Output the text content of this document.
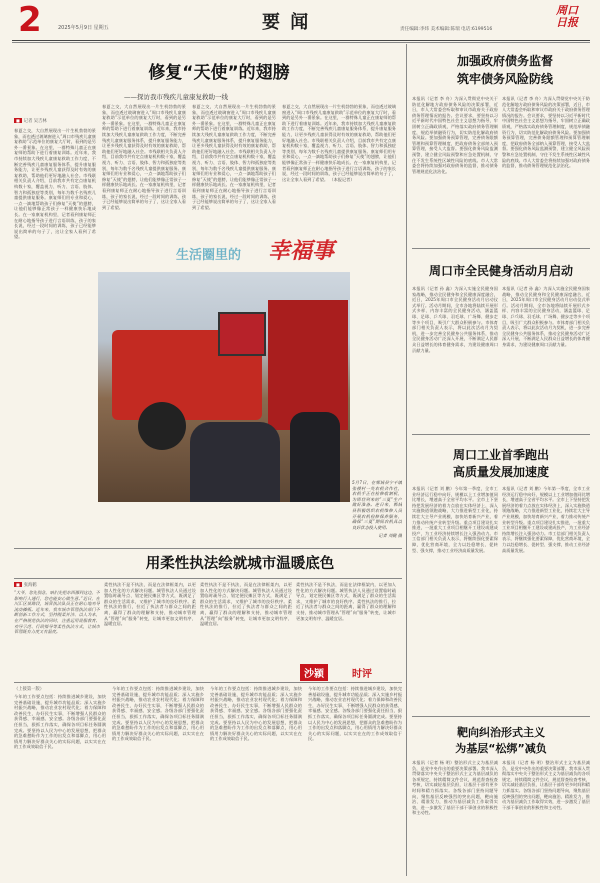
2	2025年5月9日 星期五	要 闻	责任编辑:李炜 美术编辑:陈瑞 电话:6199516
周口日报
修复“天使”的翅膀
——探访我市残疾儿童康复救助一线
■ 记者 吴吉林
春夏之交，大自然展现出一片生机勃勃的景象，而也透过玻璃窗进入“周口市残疾儿童康复救助”示范单位的康复大厅时，看到的是另外一番景象。在这里，一群特殊儿童正在康复师的帮助下进行着康复训练。近年来，我市持续加大残疾儿童康复救助工作力度，不断完善残疾儿童康复服务体系，提升康复服务能力，让更多残疾儿童获得及时有效的康复救助，帮助他们更好地融入社会。市残联相关负责人介绍，目前我市共有定点康复机构数十家，覆盖视力、听力、言语、肢体、智力和孤独症等类别，每年为数千名残疾儿童提供康复服务。康复师们用专业和爱心，一点一滴地帮助孩子们修复“天使”的翅膀，让他们能够像正常孩子一样健康快乐地成长。在一家康复机构里，记者看到康复师正在耐心地指导孩子进行言语训练，孩子的家长说，经过一段时间的训练，孩子已经能够说出简单的句子了，这让全家人看到了希望。
春夏之交，大自然展现出一片生机勃勃的景象，而也透过玻璃窗进入“周口市残疾儿童康复救助”示范单位的康复大厅时，看到的是另外一番景象。在这里，一群特殊儿童正在康复师的帮助下进行着康复训练。近年来，我市持续加大残疾儿童康复救助工作力度，不断完善残疾儿童康复服务体系，提升康复服务能力，让更多残疾儿童获得及时有效的康复救助，帮助他们更好地融入社会。市残联相关负责人介绍，目前我市共有定点康复机构数十家，覆盖视力、听力、言语、肢体、智力和孤独症等类别，每年为数千名残疾儿童提供康复服务。康复师们用专业和爱心，一点一滴地帮助孩子们修复“天使”的翅膀，让他们能够像正常孩子一样健康快乐地成长。在一家康复机构里，记者看到康复师正在耐心地指导孩子进行言语训练，孩子的家长说，经过一段时间的训练，孩子已经能够说出简单的句子了，这让全家人看到了希望。
春夏之交，大自然展现出一片生机勃勃的景象，而也透过玻璃窗进入“周口市残疾儿童康复救助”示范单位的康复大厅时，看到的是另外一番景象。在这里，一群特殊儿童正在康复师的帮助下进行着康复训练。近年来，我市持续加大残疾儿童康复救助工作力度，不断完善残疾儿童康复服务体系，提升康复服务能力，让更多残疾儿童获得及时有效的康复救助，帮助他们更好地融入社会。市残联相关负责人介绍，目前我市共有定点康复机构数十家，覆盖视力、听力、言语、肢体、智力和孤独症等类别，每年为数千名残疾儿童提供康复服务。康复师们用专业和爱心，一点一滴地帮助孩子们修复“天使”的翅膀，让他们能够像正常孩子一样健康快乐地成长。在一家康复机构里，记者看到康复师正在耐心地指导孩子进行言语训练，孩子的家长说，经过一段时间的训练，孩子已经能够说出简单的句子了，这让全家人看到了希望。
春夏之交，大自然展现出一片生机勃勃的景象，而也透过玻璃窗进入“周口市残疾儿童康复救助”示范单位的康复大厅时，看到的是另外一番景象。在这里，一群特殊儿童正在康复师的帮助下进行着康复训练。近年来，我市持续加大残疾儿童康复救助工作力度，不断完善残疾儿童康复服务体系，提升康复服务能力，让更多残疾儿童获得及时有效的康复救助，帮助他们更好地融入社会。市残联相关负责人介绍，目前我市共有定点康复机构数十家，覆盖视力、听力、言语、肢体、智力和孤独症等类别，每年为数千名残疾儿童提供康复服务。康复师们用专业和爱心，一点一滴地帮助孩子们修复“天使”的翅膀，让他们能够像正常孩子一样健康快乐地成长。在一家康复机构里，记者看到康复师正在耐心地指导孩子进行言语训练，孩子的家长说，经过一段时间的训练，孩子已经能够说出简单的句子了，这让全家人看到了希望。 （本报记者）
生活圈里的 幸福事
5月7日，在郸城县宁平镇张楼村一处农机合作社，农机手正在检修收割机，为即将到来的“三夏”生产做好准备。连日来，郸城县积极组织农机维修人员开展农机检修保养服务，确保“三夏”期间农机具以良好状态投入使用。
记者 刘健 摄
用柔性执法绘就城市温暖底色
■ 张海鹤
“大爷，您先别急，咱们先把东西挪到这边，不影响行人通行，您也能安心做生意。”近日，在川汇区某路段，城管执法队员正在耐心地劝导流动摊贩。近年来，我市城市管理执法部门不断创新工作方式，坚持刚柔并济、以人为本，在严格规范执法的同时，注重运用说服教育、劝导示范、行政指导等柔性执法方式，让城市管理既有力度又有温度。
柔性执法不是不执法，而是在法律框架内，以更加人性化的方式解决问题。城管执法人员通过设置临时疏导点、划定便民摊区等方式，既满足了群众的生活需求，又维护了城市的良好秩序。柔性执法的推行，拉近了执法者与群众之间的距离，赢得了群众的理解和支持，推动城市管理从“管理”向“服务”转变，让城市更加文明有序、温暖宜居。
柔性执法不是不执法，而是在法律框架内，以更加人性化的方式解决问题。城管执法人员通过设置临时疏导点、划定便民摊区等方式，既满足了群众的生活需求，又维护了城市的良好秩序。柔性执法的推行，拉近了执法者与群众之间的距离，赢得了群众的理解和支持，推动城市管理从“管理”向“服务”转变，让城市更加文明有序、温暖宜居。
柔性执法不是不执法，而是在法律框架内，以更加人性化的方式解决问题。城管执法人员通过设置临时疏导点、划定便民摊区等方式，既满足了群众的生活需求，又维护了城市的良好秩序。柔性执法的推行，拉近了执法者与群众之间的距离，赢得了群众的理解和支持，推动城市管理从“管理”向“服务”转变，让城市更加文明有序、温暖宜居。
沙颍	时评
（上接第一版）
今年的工作要点包括：持续推进城乡建设，加快完善基础设施，提升城市功能品质；深入实施乡村振兴战略，推动农业农村现代化；着力保障和改善民生，办好民生实事，不断增强人民群众的获得感、幸福感、安全感。各级各部门要强化责任担当，狠抓工作落实，确保各项目标任务圆满完成。要坚持以人民为中心的发展思想，把群众的急难愁盼作为工作的出发点和落脚点，用心用情用力解决好群众关心的实际问题，以实实在在的工作成效取信于民。
今年的工作要点包括：持续推进城乡建设，加快完善基础设施，提升城市功能品质；深入实施乡村振兴战略，推动农业农村现代化；着力保障和改善民生，办好民生实事，不断增强人民群众的获得感、幸福感、安全感。各级各部门要强化责任担当，狠抓工作落实，确保各项目标任务圆满完成。要坚持以人民为中心的发展思想，把群众的急难愁盼作为工作的出发点和落脚点，用心用情用力解决好群众关心的实际问题，以实实在在的工作成效取信于民。
今年的工作要点包括：持续推进城乡建设，加快完善基础设施，提升城市功能品质；深入实施乡村振兴战略，推动农业农村现代化；着力保障和改善民生，办好民生实事，不断增强人民群众的获得感、幸福感、安全感。各级各部门要强化责任担当，狠抓工作落实，确保各项目标任务圆满完成。要坚持以人民为中心的发展思想，把群众的急难愁盼作为工作的出发点和落脚点，用心用情用力解决好群众关心的实际问题，以实实在在的工作成效取信于民。
今年的工作要点包括：持续推进城乡建设，加快完善基础设施，提升城市功能品质；深入实施乡村振兴战略，推动农业农村现代化；着力保障和改善民生，办好民生实事，不断增强人民群众的获得感、幸福感、安全感。各级各部门要强化责任担当，狠抓工作落实，确保各项目标任务圆满完成。要坚持以人民为中心的发展思想，把群众的急难愁盼作为工作的出发点和落脚点，用心用情用力解决好群众关心的实际问题，以实实在在的工作成效取信于民。
加强政府债务监督
筑牢债务风险防线
本报讯（记者 李 舟）为深入贯彻党中央关于防范化解地方政府债务风险的决策部署，近日，市人大常委会听取和审议市政府关于政府债务管理情况的报告。会议要求，要坚持以习近平新时代中国特色社会主义思想为指导，牢固树立正确政绩观，严格落实政府债务管理制度，规范举债融资行为，切实防范化解政府债务风险。要加强债务预算管理，完善债务限额管理和预算管理制度，把政府债务全部纳入预算管理，接受人大监督。要强化债务风险监测预警，建立健全风险预警和应急处置机制，守住不发生系统性区域性风险的底线。市人大常委会将持续加强对政府债务的监督，推动债务管理规范化法治化。
本报讯（记者 李 舟）为深入贯彻党中央关于防范化解地方政府债务风险的决策部署，近日，市人大常委会听取和审议市政府关于政府债务管理情况的报告。会议要求，要坚持以习近平新时代中国特色社会主义思想为指导，牢固树立正确政绩观，严格落实政府债务管理制度，规范举债融资行为，切实防范化解政府债务风险。要加强债务预算管理，完善债务限额管理和预算管理制度，把政府债务全部纳入预算管理，接受人大监督。要强化债务风险监测预警，建立健全风险预警和应急处置机制，守住不发生系统性区域性风险的底线。市人大常委会将持续加强对政府债务的监督，推动债务管理规范化法治化。
周口市全民健身活动月启动
本报讯（记者 孙 鑫）为深入实施全民健身国家战略，推动全民健身和全民健康深度融合，近日，2025年周口市全民健身活动月启动仪式举行。活动月期间，全市各地将陆续开展形式多样、内容丰富的全民健身活动，涵盖篮球、足球、乒乓球、羽毛球、广场舞、健步走等多个项目，吸引广大群众积极参与。市体育部门相关负责人表示，将以此次活动月为契机，进一步完善全民健身公共服务体系，推动全民健身活动广泛深入开展，不断满足人民群众日益增长的体育健身需求，为建设健康周口贡献力量。
本报讯（记者 孙 鑫）为深入实施全民健身国家战略，推动全民健身和全民健康深度融合，近日，2025年周口市全民健身活动月启动仪式举行。活动月期间，全市各地将陆续开展形式多样、内容丰富的全民健身活动，涵盖篮球、足球、乒乓球、羽毛球、广场舞、健步走等多个项目，吸引广大群众积极参与。市体育部门相关负责人表示，将以此次活动月为契机，进一步完善全民健身公共服务体系，推动全民健身活动广泛深入开展，不断满足人民群众日益增长的体育健身需求，为建设健康周口贡献力量。
周口工业首季跑出
高质量发展加速度
本报讯（记者 刘 鹏）今年第一季度，全市工业经济运行稳中向好，规模以上工业增加值同比增长，增速高于全省平均水平。全市上下坚持把发展经济的着力点放在实体经济上，深入实施换道领跑战略，大力推进新型工业化，持续壮大主导产业规模，加快培育新兴产业，着力推动传统产业转型升级。重点项目建设扎实推进，一批重大工业项目相继开工建设或建成投产，为工业经济持续增长注入强劲动力。市工信部门相关负责人表示，将继续强化要素保障，优化营商环境，全力以赴稳增长、促转型、强支撑，推动工业经济高质量发展。
本报讯（记者 刘 鹏）今年第一季度，全市工业经济运行稳中向好，规模以上工业增加值同比增长，增速高于全省平均水平。全市上下坚持把发展经济的着力点放在实体经济上，深入实施换道领跑战略，大力推进新型工业化，持续壮大主导产业规模，加快培育新兴产业，着力推动传统产业转型升级。重点项目建设扎实推进，一批重大工业项目相继开工建设或建成投产，为工业经济持续增长注入强劲动力。市工信部门相关负责人表示，将继续强化要素保障，优化营商环境，全力以赴稳增长、促转型、强支撑，推动工业经济高质量发展。
靶向纠治形式主义
为基层“松绑”减负
本报讯（记者 杨 明）整治形式主义为基层减负，是党中央作出的重要决策部署。我市深入贯彻落实中央关于整治形式主义为基层减负的各项规定，持续精简文件会议，规范督查检查考核，切实减轻基层负担，让基层干部有更多时间和精力抓落实。各级各部门坚持问题导向，聚焦基层反映强烈的突出问题，靶向施治、精准发力，推动为基层减负工作取得实效，进一步激发了基层干部干事创业的积极性和主动性。
本报讯（记者 杨 明）整治形式主义为基层减负，是党中央作出的重要决策部署。我市深入贯彻落实中央关于整治形式主义为基层减负的各项规定，持续精简文件会议，规范督查检查考核，切实减轻基层负担，让基层干部有更多时间和精力抓落实。各级各部门坚持问题导向，聚焦基层反映强烈的突出问题，靶向施治、精准发力，推动为基层减负工作取得实效，进一步激发了基层干部干事创业的积极性和主动性。
